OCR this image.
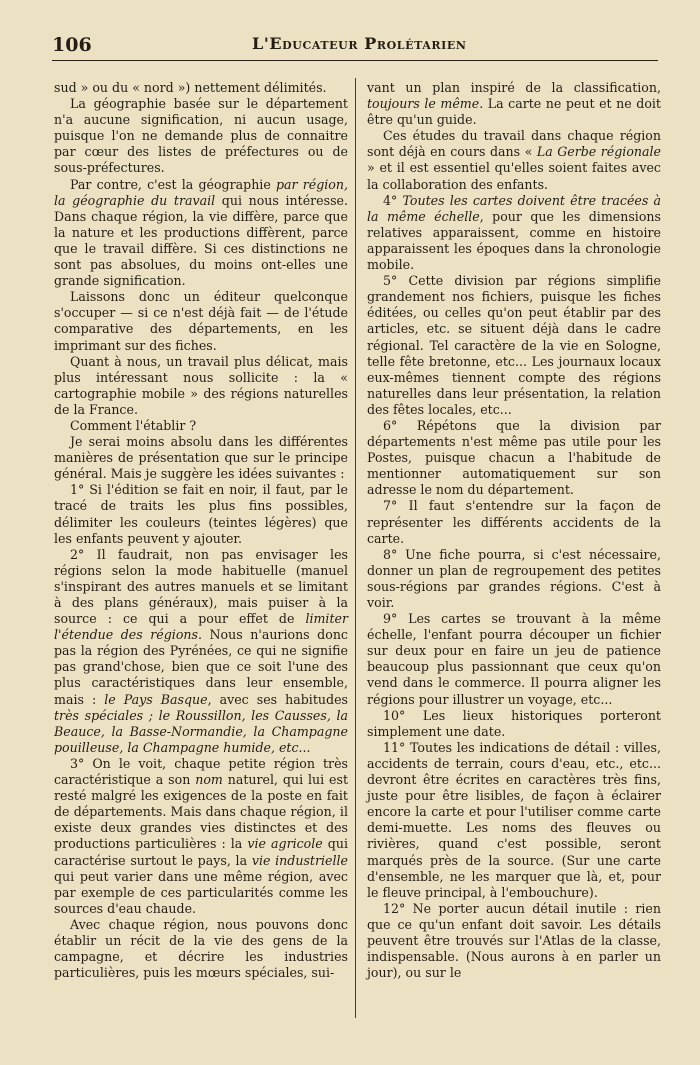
106	L'Educateur Prolétarien

sud » ou du « nord ») nettement délimités.

La géographie basée sur le département n'a aucune signification, ni aucun usage, puisque l'on ne demande plus de connaitre par cœur des listes de préfectures ou de sous-préfectures.

Par contre, c'est la géographie par région, la géographie du travail qui nous intéresse. Dans chaque région, la vie diffère, parce que la nature et les productions diffèrent, parce que le travail diffère. Si ces distinctions ne sont pas absolues, du moins ont-elles une grande signification.

Laissons donc un éditeur quelconque s'occuper — si ce n'est déjà fait — de l'étude comparative des départements, en les imprimant sur des fiches.

Quant à nous, un travail plus délicat, mais plus intéressant nous sollicite : la « cartographie mobile » des régions naturelles de la France.

Comment l'établir ?

Je serai moins absolu dans les différentes manières de présentation que sur le principe général. Mais je suggère les idées suivantes :

1° Si l'édition se fait en noir, il faut, par le tracé de traits les plus fins possibles, délimiter les couleurs (teintes légères) que les enfants peuvent y ajouter.

2° Il faudrait, non pas envisager les régions selon la mode habituelle (manuel s'inspirant des autres manuels et se limitant à des plans généraux), mais puiser à la source : ce qui a pour effet de limiter l'étendue des régions. Nous n'aurions donc pas la région des Pyrénées, ce qui ne signifie pas grand'chose, bien que ce soit l'une des plus caractéristiques dans leur ensemble, mais : le Pays Basque, avec ses habitudes très spéciales ; le Roussillon, les Causses, la Beauce, la Basse-Normandie, la Champagne pouilleuse, la Champagne humide, etc...

3° On le voit, chaque petite région très caractéristique a son nom naturel, qui lui est resté malgré les exigences de la poste en fait de départements. Mais dans chaque région, il existe deux grandes vies distinctes et des productions particulières : la vie agricole qui caractérise surtout le pays, la vie industrielle qui peut varier dans une même région, avec par exemple de ces particularités comme les sources d'eau chaude.

Avec chaque région, nous pouvons donc établir un récit de la vie des gens de la campagne, et décrire les industries particulières, puis les mœurs spéciales, sui-

vant un plan inspiré de la classification, toujours le même. La carte ne peut et ne doit être qu'un guide.

Ces études du travail dans chaque région sont déjà en cours dans « La Gerbe régionale » et il est essentiel qu'elles soient faites avec la collaboration des enfants.

4° Toutes les cartes doivent être tracées à la même échelle, pour que les dimensions relatives apparaissent, comme en histoire apparaissent les époques dans la chronologie mobile.

5° Cette division par régions simplifie grandement nos fichiers, puisque les fiches éditées, ou celles qu'on peut établir par des articles, etc. se situent déjà dans le cadre régional. Tel caractère de la vie en Sologne, telle fête bretonne, etc... Les journaux locaux eux-mêmes tiennent compte des régions naturelles dans leur présentation, la relation des fêtes locales, etc...

6° Répétons que la division par départements n'est même pas utile pour les Postes, puisque chacun a l'habitude de mentionner automatiquement sur son adresse le nom du département.

7° Il faut s'entendre sur la façon de représenter les différents accidents de la carte.

8° Une fiche pourra, si c'est nécessaire, donner un plan de regroupement des petites sous-régions par grandes régions. C'est à voir.

9° Les cartes se trouvant à la même échelle, l'enfant pourra découper un fichier sur deux pour en faire un jeu de patience beaucoup plus passionnant que ceux qu'on vend dans le commerce. Il pourra aligner les régions pour illustrer un voyage, etc...

10° Les lieux historiques porteront simplement une date.

11° Toutes les indications de détail : villes, accidents de terrain, cours d'eau, etc., etc... devront être écrites en caractères très fins, juste pour être lisibles, de façon à éclairer encore la carte et pour l'utiliser comme carte demi-muette. Les noms des fleuves ou rivières, quand c'est possible, seront marqués près de la source. (Sur une carte d'ensemble, ne les marquer que là, et, pour le fleuve principal, à l'embouchure).

12° Ne porter aucun détail inutile : rien que ce qu'un enfant doit savoir. Les détails peuvent être trouvés sur l'Atlas de la classe, indispensable. (Nous aurons à en parler un jour), ou sur le
